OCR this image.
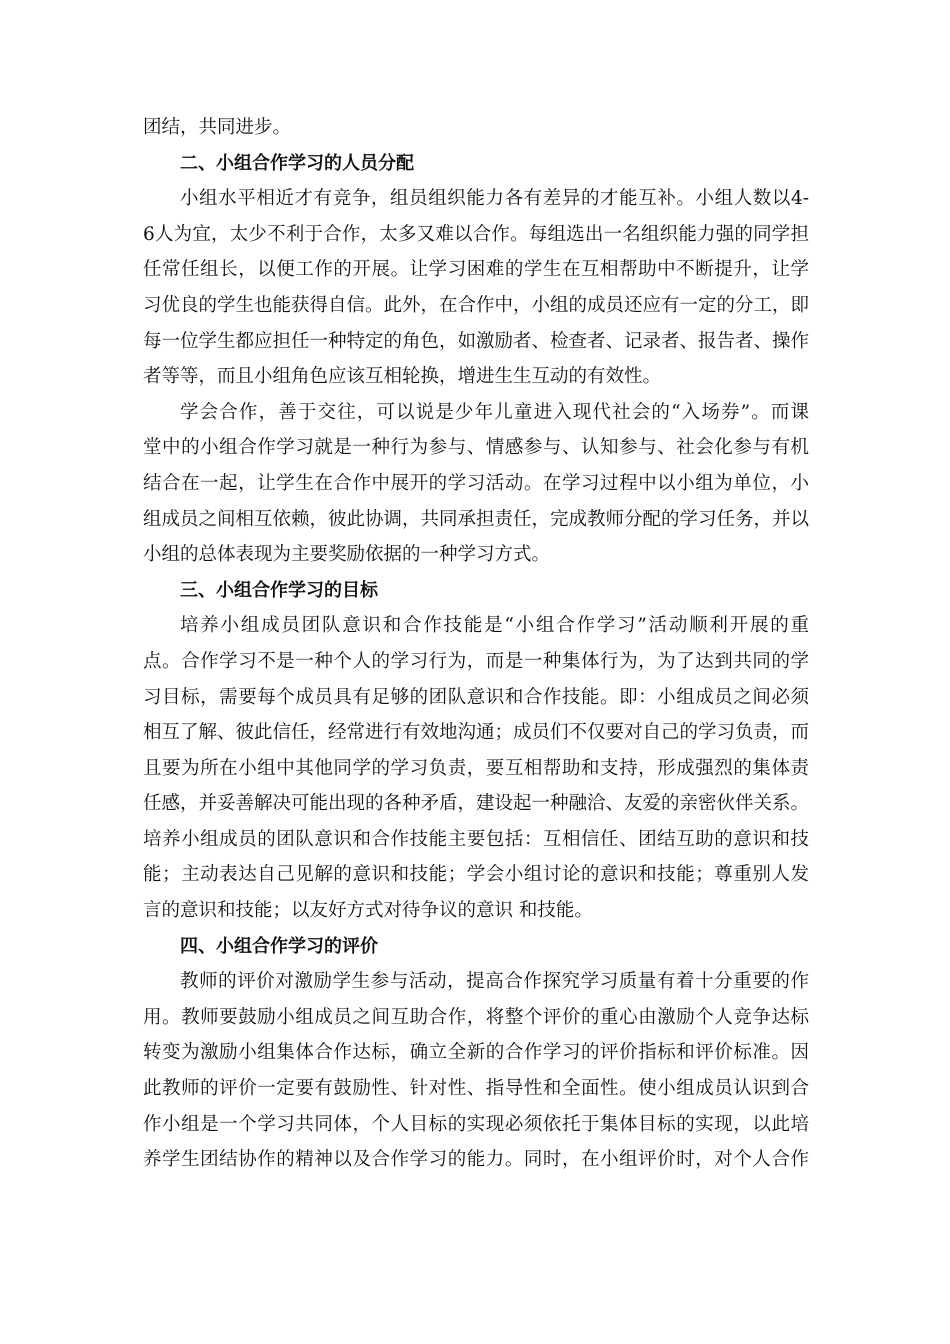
团结，共同进步。
二、小组合作学习的人员分配
小组水平相近才有竞争，组员组织能力各有差异的才能互补。小组人数以4-
6人为宜，太少不利于合作，太多又难以合作。每组选出一名组织能力强的同学担
任常任组长，以便工作的开展。让学习困难的学生在互相帮助中不断提升，让学
习优良的学生也能获得自信。此外，在合作中，小组的成员还应有一定的分工，即
每一位学生都应担任一种特定的角色，如激励者、检查者、记录者、报告者、操作
者等等，而且小组角色应该互相轮换，增进生生互动的有效性。
学会合作，善于交往，可以说是少年儿童进入现代社会的“入场券”。而课
堂中的小组合作学习就是一种行为参与、情感参与、认知参与、社会化参与有机
结合在一起，让学生在合作中展开的学习活动。在学习过程中以小组为单位，小
组成员之间相互依赖，彼此协调，共同承担责任，完成教师分配的学习任务，并以
小组的总体表现为主要奖励依据的一种学习方式。
三、小组合作学习的目标
培养小组成员团队意识和合作技能是“小组合作学习”活动顺利开展的重
点。合作学习不是一种个人的学习行为，而是一种集体行为，为了达到共同的学
习目标，需要每个成员具有足够的团队意识和合作技能。即：小组成员之间必须
相互了解、彼此信任，经常进行有效地沟通；成员们不仅要对自己的学习负责，而
且要为所在小组中其他同学的学习负责，要互相帮助和支持，形成强烈的集体责
任感，并妥善解决可能出现的各种矛盾，建设起一种融洽、友爱的亲密伙伴关系。
培养小组成员的团队意识和合作技能主要包括：互相信任、团结互助的意识和技
能；主动表达自己见解的意识和技能；学会小组讨论的意识和技能；尊重别人发
言的意识和技能；以友好方式对待争议的意识 和技能。
四、小组合作学习的评价
教师的评价对激励学生参与活动，提高合作探究学习质量有着十分重要的作
用。教师要鼓励小组成员之间互助合作，将整个评价的重心由激励个人竞争达标
转变为激励小组集体合作达标，确立全新的合作学习的评价指标和评价标准。因
此教师的评价一定要有鼓励性、针对性、指导性和全面性。使小组成员认识到合
作小组是一个学习共同体，个人目标的实现必须依托于集体目标的实现，以此培
养学生团结协作的精神以及合作学习的能力。同时，在小组评价时，对个人合作
